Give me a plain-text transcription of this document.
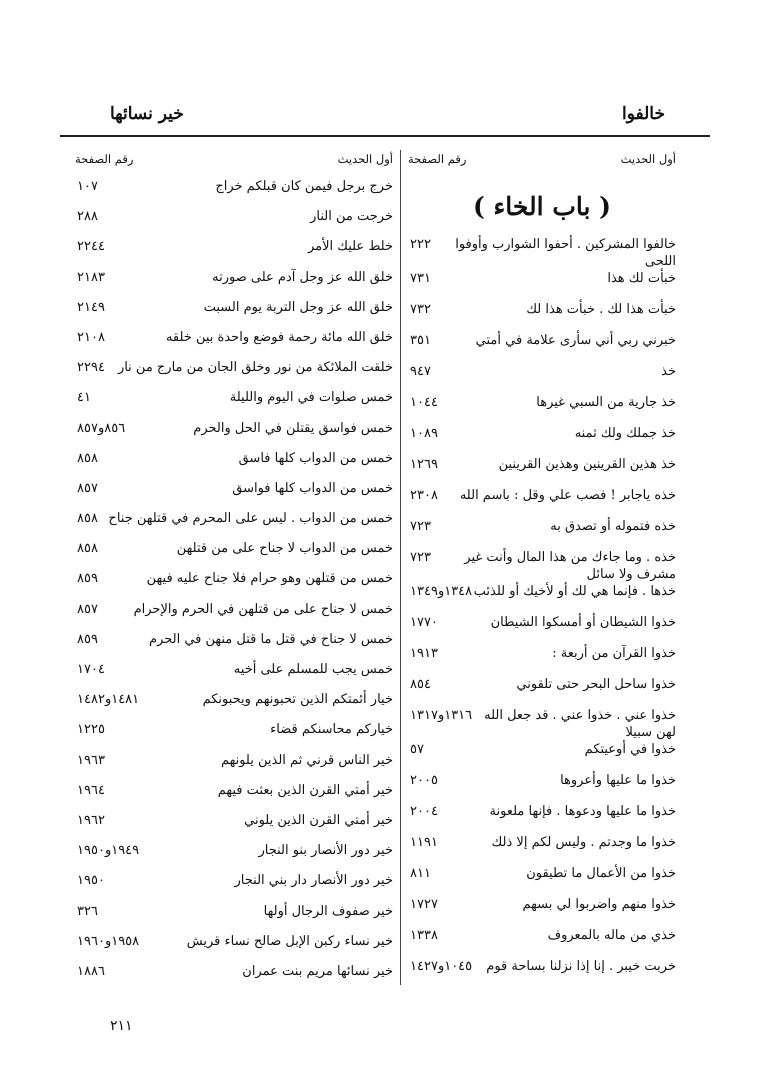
خالفوا
خير نسائها
أول الحديث
رقم الصفحة
( باب الخاء )
خالفوا المشركين . أحفوا الشوارب وأوفوا اللحى
٢٢٢
خبأت لك هذا
٧٣١
خبأت هذا لك . خبأت هذا لك
٧٣٢
خبرني ربي أني سأرى علامة في أمتي
٣٥١
خذ
٩٤٧
خذ جارية من السبي غيرها
١٠٤٤
خذ جملك ولك ثمنه
١٠٨٩
خذ هذين القرينين وهذين القرينين
١٢٦٩
خذه ياجابر ! فصب علي وقل : باسم الله
٢٣٠٨
خذه فتموله أو تصدق به
٧٢٣
خذه . وما جاءك من هذا المال وأنت غير مشرف ولا سائل
٧٢٣
خذها . فإنما هي لك أو لأخيك أو للذئب
١٣٤٨و١٣٤٩
خذوا الشيطان أو أمسكوا الشيطان
١٧٧٠
خذوا القرآن من أربعة :
١٩١٣
خذوا ساحل البحر حتى تلقوني
٨٥٤
خذوا عني . خذوا عني . قد جعل الله لهن سبيلا
١٣١٦و١٣١٧
خذوا في أوعيتكم
٥٧
خذوا ما عليها وأعروها
٢٠٠٥
خذوا ما عليها ودعوها . فإنها ملعونة
٢٠٠٤
خذوا ما وجدتم . وليس لكم إلا ذلك
١١٩١
خذوا من الأعمال ما تطيقون
٨١١
خذوا منهم واضربوا لي بسهم
١٧٢٧
خذي من ماله بالمعروف
١٣٣٨
خربت خيبر . إنا إذا نزلنا بساحة قوم
١٠٤٥و١٤٢٧
أول الحديث
رقم الصفحة
خرج برجل فيمن كان قبلكم خراج
١٠٧
خرجت من النار
٢٨٨
خلط عليك الأمر
٢٢٤٤
خلق الله عز وجل آدم على صورته
٢١٨٣
خلق الله عز وجل التربة يوم السبت
٢١٤٩
خلق الله مائة رحمة فوضع واحدة بين خلقه
٢١٠٨
خلقت الملائكة من نور وخلق الجان من مارج من نار
٢٢٩٤
خمس صلوات في اليوم والليلة
٤١
خمس فواسق يقتلن في الحل والحرم
٨٥٦و٨٥٧
خمس من الدواب كلها فاسق
٨٥٨
خمس من الدواب كلها فواسق
٨٥٧
خمس من الدواب . ليس على المحرم في قتلهن جناح
٨٥٨
خمس من الدواب لا جناح على من قتلهن
٨٥٨
خمس من قتلهن وهو حرام فلا جناح عليه فيهن
٨٥٩
خمس لا جناح على من قتلهن في الحرم والإحرام
٨٥٧
خمس لا جناح في قتل ما قتل منهن في الحرم
٨٥٩
خمس يجب للمسلم على أخيه
١٧٠٤
خيار أئمتكم الذين تحبونهم ويحبونكم
١٤٨١و١٤٨٢
خياركم محاسنكم قضاء
١٢٢٥
خير الناس قرني ثم الذين يلونهم
١٩٦٣
خير أمتي القرن الذين بعثت فيهم
١٩٦٤
خير أمتي القرن الذين يلوني
١٩٦٢
خير دور الأنصار بنو النجار
١٩٤٩و١٩٥٠
خير دور الأنصار دار بني النجار
١٩٥٠
خير صفوف الرجال أولها
٣٢٦
خير نساء ركبن الإبل صالح نساء قريش
١٩٥٨و١٩٦٠
خير نسائها مريم بنت عمران
١٨٨٦
٢١١
